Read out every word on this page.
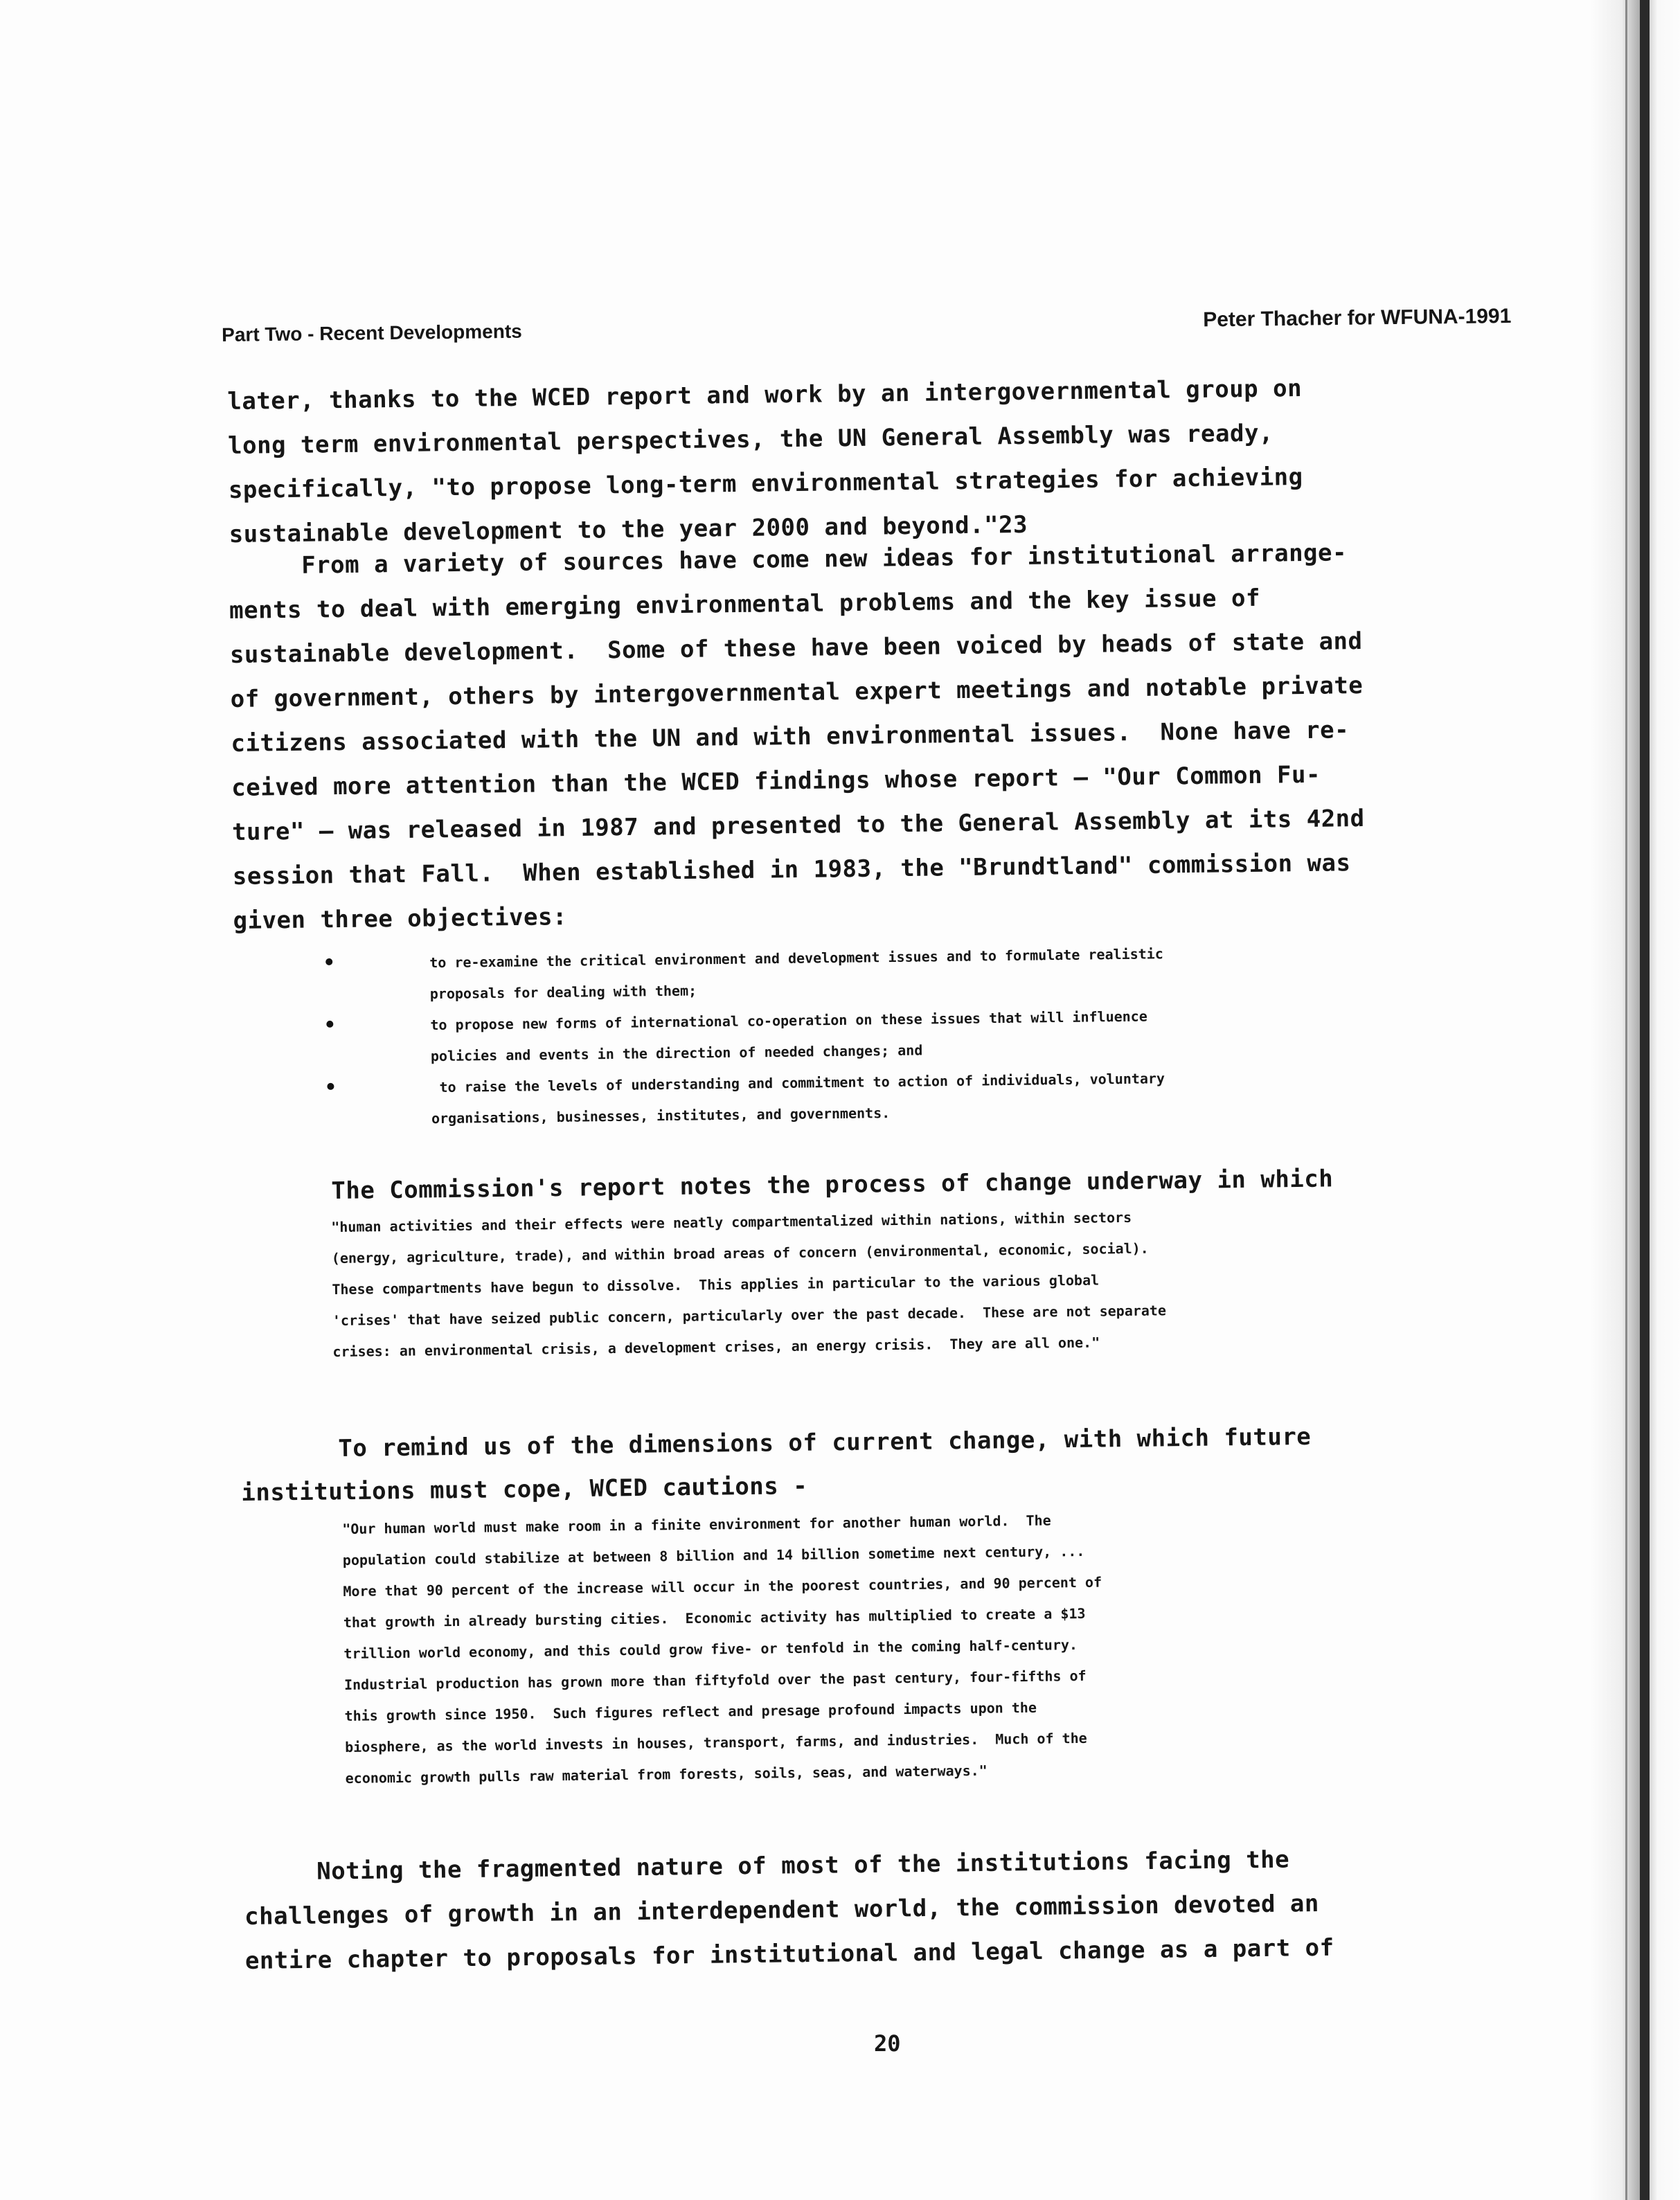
Part Two - Recent Developments
Peter Thacher for WFUNA-1991
later, thanks to the WCED report and work by an intergovernmental group on
long term environmental perspectives, the UN General Assembly was ready,
specifically, "to propose long-term environmental strategies for achieving
sustainable development to the year 2000 and beyond."23
From a variety of sources have come new ideas for institutional arrange-
ments to deal with emerging environmental problems and the key issue of
sustainable development.  Some of these have been voiced by heads of state and
of government, others by intergovernmental expert meetings and notable private
citizens associated with the UN and with environmental issues.  None have re-
ceived more attention than the WCED findings whose report — "Our Common Fu-
ture" — was released in 1987 and presented to the General Assembly at its 42nd
session that Fall.  When established in 1983, the "Brundtland" commission was
given three objectives:
to re-examine the critical environment and development issues and to formulate realistic
proposals for dealing with them;
to propose new forms of international co-operation on these issues that will influence
policies and events in the direction of needed changes; and
to raise the levels of understanding and commitment to action of individuals, voluntary
organisations, businesses, institutes, and governments.
The Commission's report notes the process of change underway in which
"human activities and their effects were neatly compartmentalized within nations, within sectors
(energy, agriculture, trade), and within broad areas of concern (environmental, economic, social).
These compartments have begun to dissolve.  This applies in particular to the various global
'crises' that have seized public concern, particularly over the past decade.  These are not separate
crises: an environmental crisis, a development crises, an energy crisis.  They are all one."
To remind us of the dimensions of current change, with which future
institutions must cope, WCED cautions -
"Our human world must make room in a finite environment for another human world.  The
population could stabilize at between 8 billion and 14 billion sometime next century, ...
More that 90 percent of the increase will occur in the poorest countries, and 90 percent of
that growth in already bursting cities.  Economic activity has multiplied to create a $13
trillion world economy, and this could grow five- or tenfold in the coming half-century.
Industrial production has grown more than fiftyfold over the past century, four-fifths of
this growth since 1950.  Such figures reflect and presage profound impacts upon the
biosphere, as the world invests in houses, transport, farms, and industries.  Much of the
economic growth pulls raw material from forests, soils, seas, and waterways."
Noting the fragmented nature of most of the institutions facing the
challenges of growth in an interdependent world, the commission devoted an
entire chapter to proposals for institutional and legal change as a part of
20
